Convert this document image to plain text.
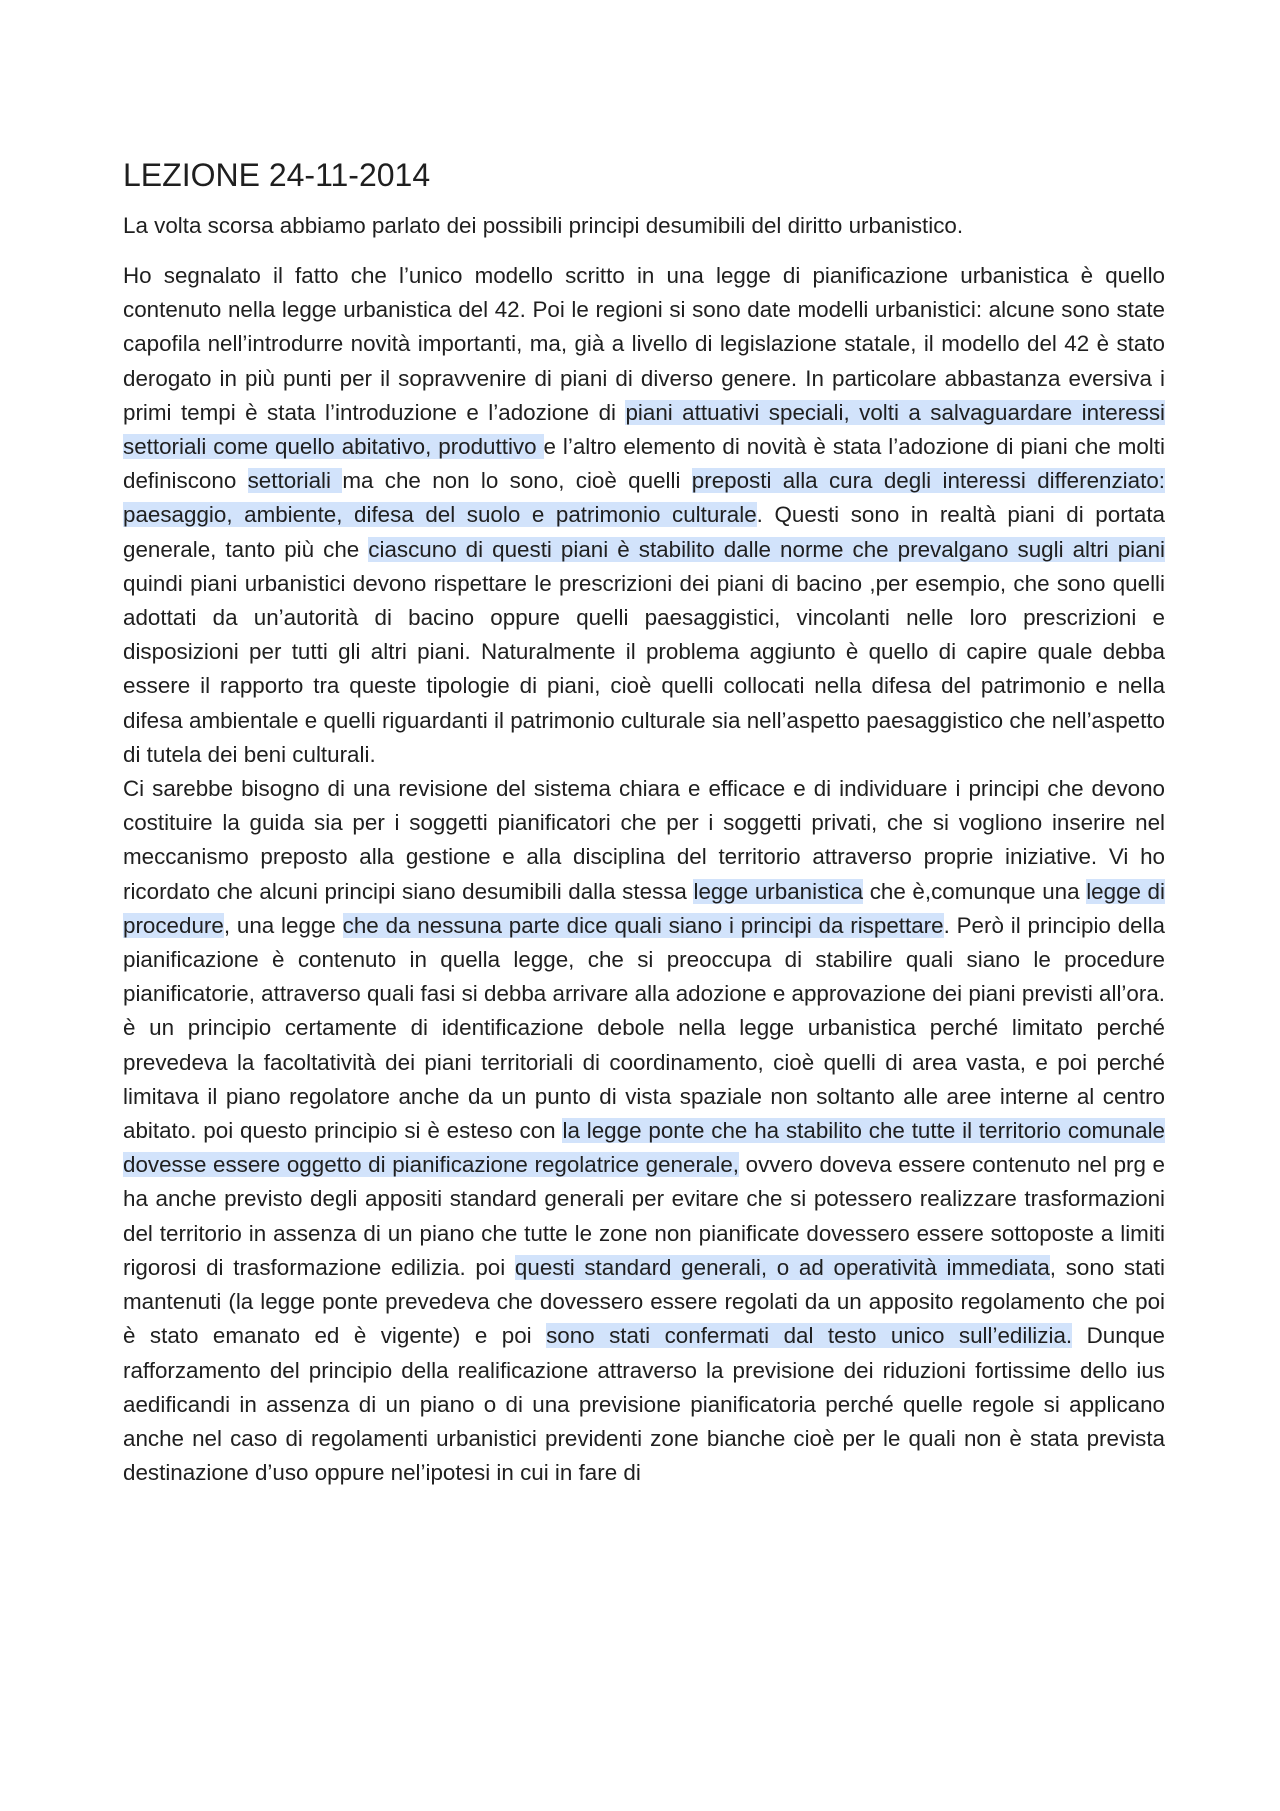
LEZIONE 24-11-2014

La volta scorsa abbiamo parlato dei possibili principi desumibili del diritto urbanistico.

Ho segnalato il fatto che l’unico modello scritto in una legge di pianificazione urbanistica è quello contenuto nella legge urbanistica del 42. Poi le regioni si sono date modelli urbanistici: alcune sono state capofila nell’introdurre novità importanti, ma, già a livello di legislazione statale, il modello del 42 è stato derogato in più punti per il sopravvenire di piani di diverso genere. In particolare abbastanza eversiva i primi tempi è stata l’introduzione e l’adozione di piani attuativi speciali, volti a salvaguardare interessi settoriali come quello abitativo, produttivo e l’altro elemento di novità è stata l’adozione di piani che molti definiscono settoriali ma che non lo sono, cioè quelli preposti alla cura degli interessi differenziato: paesaggio, ambiente, difesa del suolo e patrimonio culturale. Questi sono in realtà piani di portata generale, tanto più che ciascuno di questi piani è stabilito dalle norme che prevalgano sugli altri piani quindi piani urbanistici devono rispettare le prescrizioni dei piani di bacino ,per esempio, che sono quelli adottati da un’autorità di bacino oppure quelli paesaggistici, vincolanti nelle loro prescrizioni e disposizioni per tutti gli altri piani. Naturalmente il problema aggiunto è quello di capire quale debba essere il rapporto tra queste tipologie di piani, cioè quelli collocati nella difesa del patrimonio e nella difesa ambientale e quelli riguardanti il patrimonio culturale sia nell’aspetto paesaggistico che nell’aspetto di tutela dei beni culturali.

Ci sarebbe bisogno di una revisione del sistema chiara e efficace e di individuare i principi che devono costituire la guida sia per i soggetti pianificatori che per i soggetti privati, che si vogliono inserire nel meccanismo preposto alla gestione e alla disciplina del territorio attraverso proprie iniziative. Vi ho ricordato che alcuni principi siano desumibili dalla stessa legge urbanistica che è,comunque una legge di procedure, una legge che da nessuna parte dice quali siano i principi da rispettare. Però il principio della pianificazione è contenuto in quella legge, che si preoccupa di stabilire quali siano le procedure pianificatorie, attraverso quali fasi si debba arrivare alla adozione e approvazione dei piani previsti all’ora. è un principio certamente di identificazione debole nella legge urbanistica perché limitato perché prevedeva la facoltatività dei piani territoriali di coordinamento, cioè quelli di area vasta, e poi perché limitava il piano regolatore anche da un punto di vista spaziale non soltanto alle aree interne al centro abitato. poi questo principio si è esteso con la legge ponte che ha stabilito che tutte il territorio comunale dovesse essere oggetto di pianificazione regolatrice generale, ovvero doveva essere contenuto nel prg e ha anche previsto degli appositi standard generali per evitare che si potessero realizzare trasformazioni del territorio in assenza di un piano che tutte le zone non pianificate dovessero essere sottoposte a limiti rigorosi di trasformazione edilizia. poi questi standard generali, o ad operatività immediata, sono stati mantenuti (la legge ponte prevedeva che dovessero essere regolati da un apposito regolamento che poi è stato emanato ed è vigente) e poi sono stati confermati dal testo unico sull’edilizia. Dunque rafforzamento del principio della realificazione attraverso la previsione dei riduzioni fortissime dello ius aedificandi in assenza di un piano o di una previsione pianificatoria perché quelle regole si applicano anche nel caso di regolamenti urbanistici previdenti zone bianche cioè per le quali non è stata prevista destinazione d’uso oppure nel’ipotesi in cui in fare di
